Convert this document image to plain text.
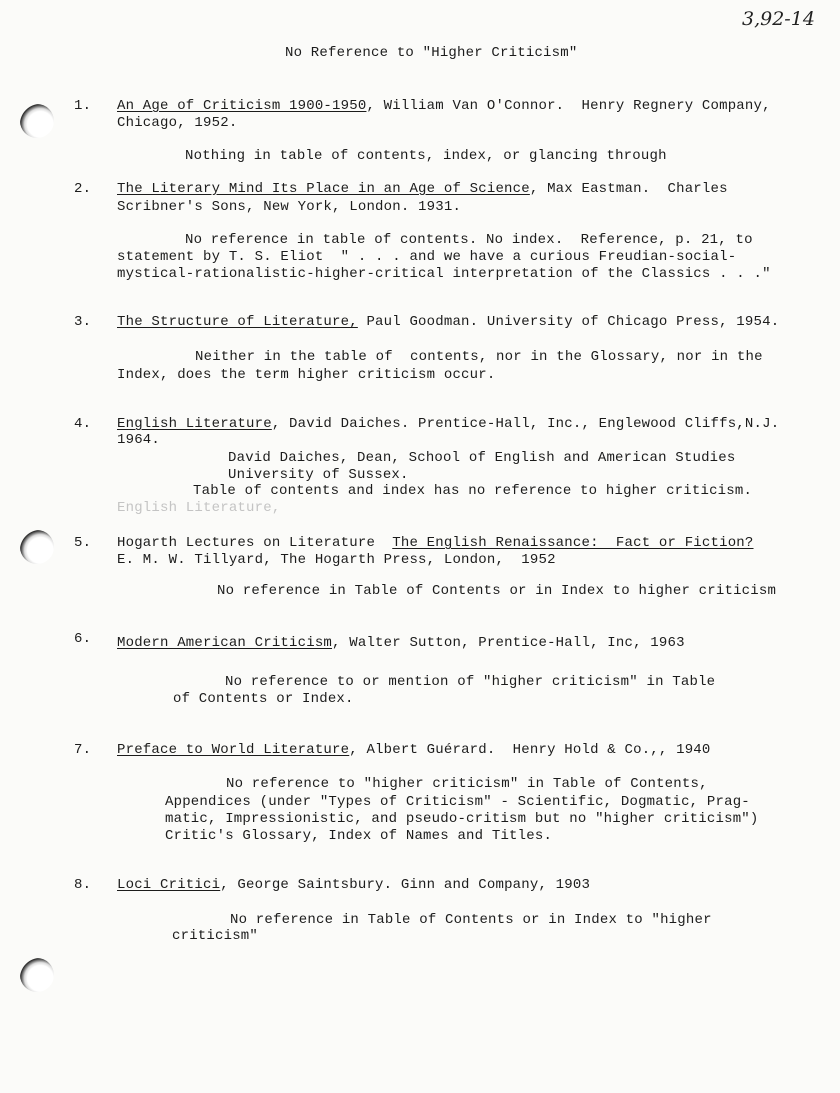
3,92-14
No Reference to "Higher Criticism"
1. An Age of Criticism 1900-1950, William Van O'Connor.  Henry Regnery Company,
Chicago, 1952.
Nothing in table of contents, index, or glancing through
2. The Literary Mind Its Place in an Age of Science, Max Eastman.  Charles
Scribner's Sons, New York, London. 1931.
No reference in table of contents. No index.  Reference, p. 21, to
statement by T. S. Eliot  " . . . and we have a curious Freudian-social-
mystical-rationalistic-higher-critical interpretation of the Classics . . ."
3. The Structure of Literature, Paul Goodman. University of Chicago Press, 1954.
Neither in the table of  contents, nor in the Glossary, nor in the
Index, does the term higher criticism occur.
4. English Literature, David Daiches. Prentice-Hall, Inc., Englewood Cliffs,N.J.
1964.
David Daiches, Dean, School of English and American Studies
University of Sussex.
Table of contents and index has no reference to higher criticism.
English Literature,
5. Hogarth Lectures on Literature  The English Renaissance:  Fact or Fiction?
E. M. W. Tillyard, The Hogarth Press, London,  1952
No reference in Table of Contents or in Index to higher criticism
6. Modern American Criticism, Walter Sutton, Prentice-Hall, Inc, 1963
No reference to or mention of "higher criticism" in Table
of Contents or Index.
7. Preface to World Literature, Albert Guérard.  Henry Hold & Co.,, 1940
No reference to "higher criticism" in Table of Contents,
Appendices (under "Types of Criticism" - Scientific, Dogmatic, Prag-
matic, Impressionistic, and pseudo-critism but no "higher criticism")
Critic's Glossary, Index of Names and Titles.
8. Loci Critici, George Saintsbury. Ginn and Company, 1903
No reference in Table of Contents or in Index to "higher
criticism"
